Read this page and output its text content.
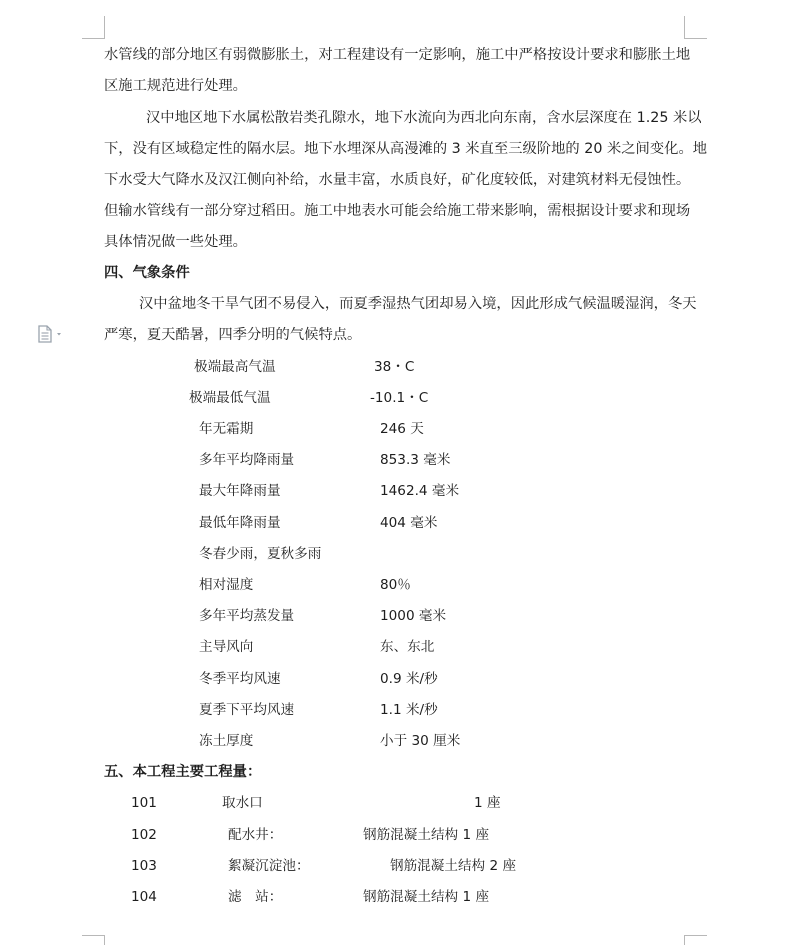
水管线的部分地区有弱微膨胀土，对工程建设有一定影响，施工中严格按设计要求和膨胀土地
区施工规范进行处理。
汉中地区地下水属松散岩类孔隙水，地下水流向为西北向东南，含水层深度在 1.25 米以
下，没有区域稳定性的隔水层。地下水埋深从高漫滩的 3 米直至三级阶地的 20 米之间变化。地
下水受大气降水及汉江侧向补给，水量丰富，水质良好，矿化度较低，对建筑材料无侵蚀性。
但输水管线有一部分穿过稻田。施工中地表水可能会给施工带来影响，需根据设计要求和现场
具体情况做一些处理。
四、气象条件
汉中盆地冬干旱气团不易侵入，而夏季湿热气团却易入境，因此形成气候温暖湿润，冬天
严寒，夏天酷暑，四季分明的气候特点。
极端最高气温	38・C
极端最低气温	-10.1・C
年无霜期	246 天
多年平均降雨量	853.3 毫米
最大年降雨量	1462.4 毫米
最低年降雨量	404 毫米
冬春少雨，夏秋多雨
相对湿度	80％
多年平均蒸发量	1000 毫米
主导风向	东、东北
冬季平均风速	0.9 米/秒
夏季下平均风速	1.1 米/秒
冻土厚度	小于 30 厘米
五、本工程主要工程量：
101	取水口	1 座
102	配水井：	钢筋混凝土结构 1 座
103	絮凝沉淀池：	钢筋混凝土结构 2 座
104	滤　站：	钢筋混凝土结构 1 座
